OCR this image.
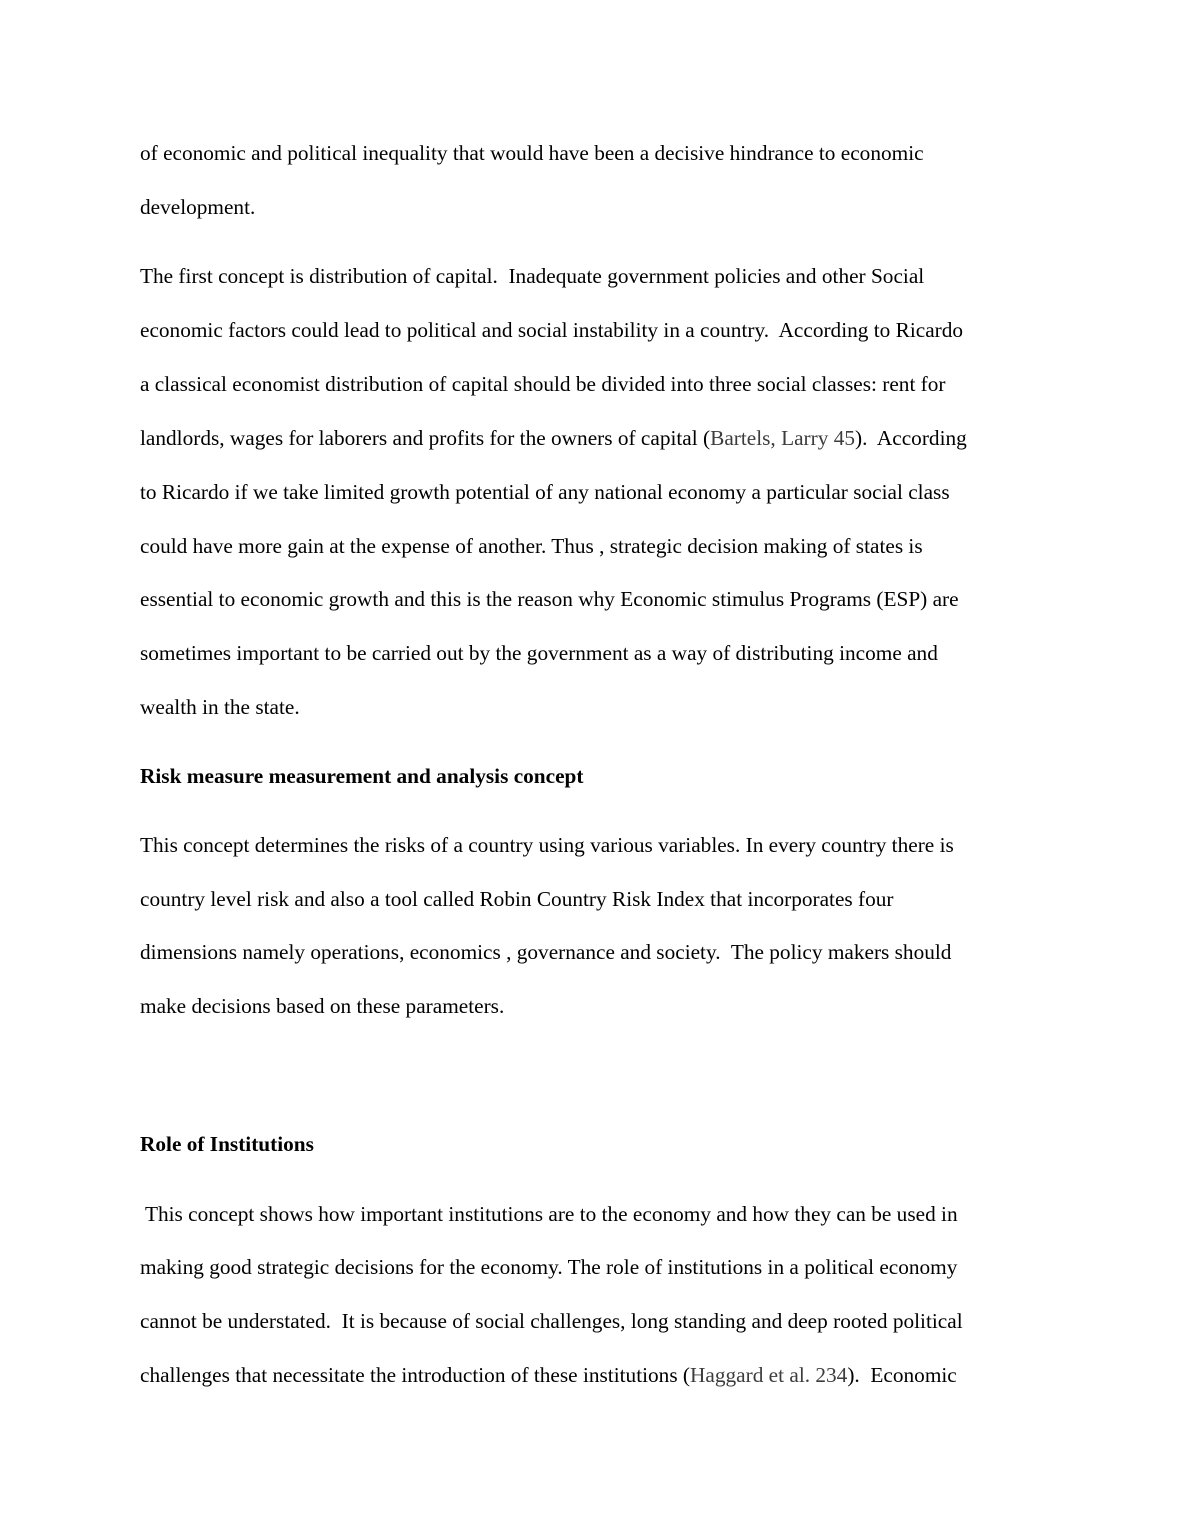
of economic and political inequality that would have been a decisive hindrance to economic
development.
The first concept is distribution of capital.  Inadequate government policies and other Social
economic factors could lead to political and social instability in a country.  According to Ricardo
a classical economist distribution of capital should be divided into three social classes: rent for
landlords, wages for laborers and profits for the owners of capital (Bartels, Larry 45).  According
to Ricardo if we take limited growth potential of any national economy a particular social class
could have more gain at the expense of another. Thus , strategic decision making of states is
essential to economic growth and this is the reason why Economic stimulus Programs (ESP) are
sometimes important to be carried out by the government as a way of distributing income and
wealth in the state.
Risk measure measurement and analysis concept
This concept determines the risks of a country using various variables. In every country there is
country level risk and also a tool called Robin Country Risk Index that incorporates four
dimensions namely operations, economics , governance and society.  The policy makers should
make decisions based on these parameters.
Role of Institutions
This concept shows how important institutions are to the economy and how they can be used in
making good strategic decisions for the economy. The role of institutions in a political economy
cannot be understated.  It is because of social challenges, long standing and deep rooted political
challenges that necessitate the introduction of these institutions (Haggard et al. 234).  Economic
